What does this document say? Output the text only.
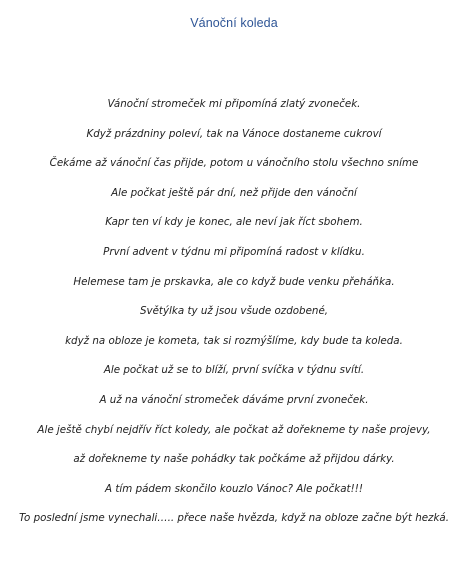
Vánoční koleda
Vánoční stromeček mi připomíná zlatý zvoneček.
Když prázdniny poleví, tak na Vánoce dostaneme cukroví
Čekáme až vánoční čas přijde, potom u vánočního stolu všechno snímе
Ale počkat ještě pár dní, než přijde den vánoční
Kapr ten ví kdy je konec, ale neví jak říct sbohem.
První advent v týdnu mi připomíná radost v klídku.
Helemese tam je prskavka, ale co když bude venku přeháňka.
Světýlka ty už jsou všude ozdobené,
když na obloze je kometa, tak si rozmýšlíme, kdy bude ta koleda.
Ale počkat už se to blíží, první svíčka v týdnu svítí.
A už na vánoční stromeček dáváme první zvoneček.
Ale ještě chybí nejdřív říct koledy, ale počkat až dořekneme ty naše projevy,
až dořekneme ty naše pohádky tak počkáme až přijdou dárky.
A tím pádem skončilo kouzlo Vánoc? Ale počkat!!!
To poslední jsme vynechali….. přece naše hvězda, když na obloze začne být hezká.
